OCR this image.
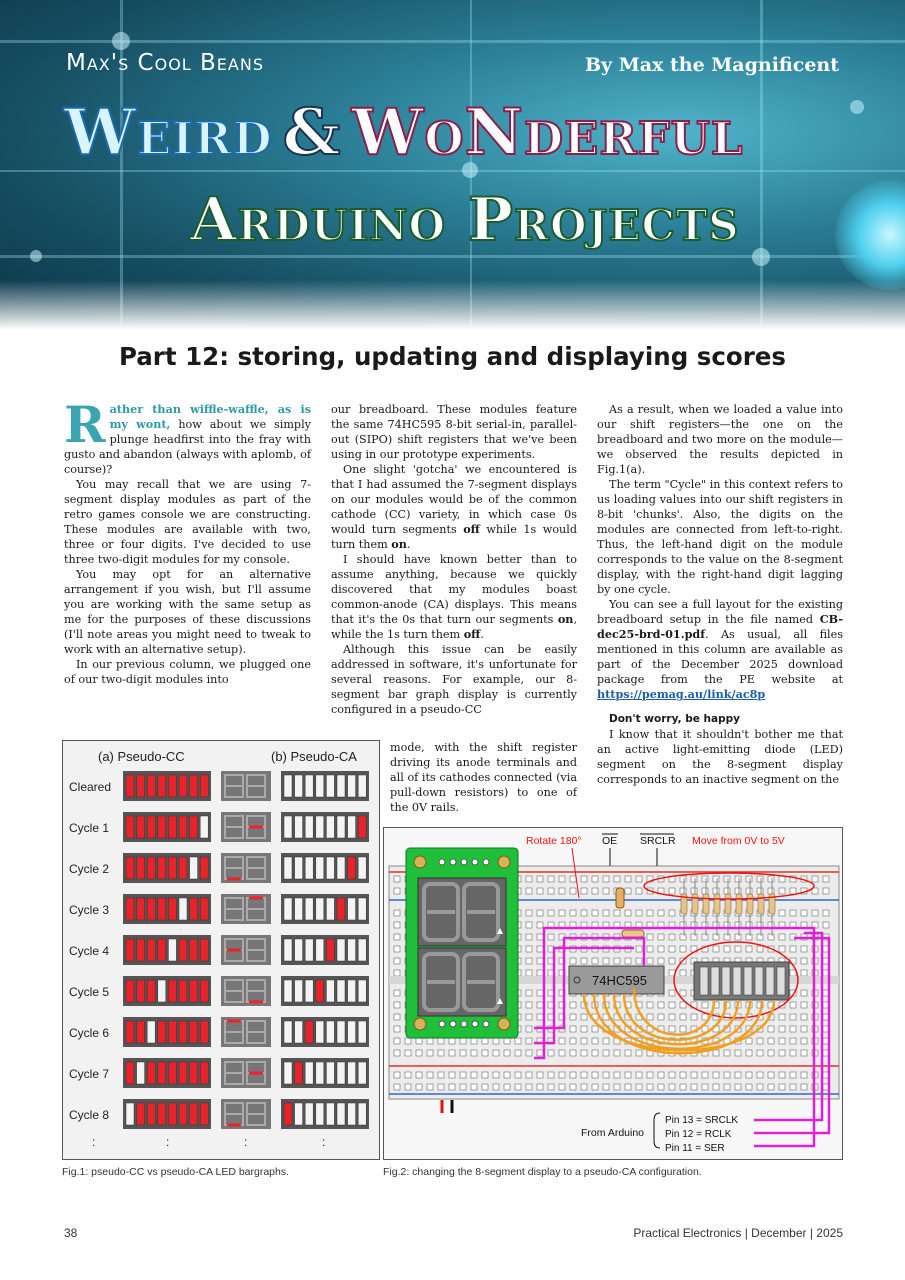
Max's Cool Beans	By Max the Magnificent
Weird & WoNderful
Arduino Projects
Part 12: storing, updating and displaying scores

Rather than wiffle-waffle, as is my wont, how about we simply plunge headfirst into the fray with gusto and abandon (always with aplomb, of course)?

You may recall that we are using 7-segment display modules as part of the retro games console we are constructing. These modules are available with two, three or four digits. I've decided to use three two-digit modules for my console.

You may opt for an alternative arrangement if you wish, but I'll assume you are working with the same setup as me for the purposes of these discussions (I'll note areas you might need to tweak to work with an alternative setup).

In our previous column, we plugged one of our two-digit modules into

our breadboard. These modules feature the same 74HC595 8-bit serial-in, parallel-out (SIPO) shift registers that we've been using in our prototype experiments.

One slight 'gotcha' we encountered is that I had assumed the 7-segment displays on our modules would be of the common cathode (CC) variety, in which case 0s would turn segments off while 1s would turn them on.

I should have known better than to assume anything, because we quickly discovered that my modules boast common-anode (CA) displays. This means that it's the 0s that turn our segments on, while the 1s turn them off.

Although this issue can be easily addressed in software, it's unfortunate for several reasons. For example, our 8-segment bar graph display is currently configured in a pseudo-CC

mode, with the shift register driving its anode terminals and all of its cathodes connected (via pull-down resistors) to one of the 0V rails.

As a result, when we loaded a value into our shift registers—the one on the breadboard and two more on the module—we observed the results depicted in Fig.1(a).

The term "Cycle" in this context refers to us loading values into our shift registers in 8-bit 'chunks'. Also, the digits on the modules are connected from left-to-right. Thus, the left-hand digit on the module corresponds to the value on the 8-segment display, with the right-hand digit lagging by one cycle.

You can see a full layout for the existing breadboard setup in the file named CB-dec25-brd-01.pdf. As usual, all files mentioned in this column are available as part of the December 2025 download package from the PE website at https://pemag.au/link/ac8p

Don't worry, be happy

I know that it shouldn't bother me that an active light-emitting diode (LED) segment on the 8-segment display corresponds to an inactive segment on the

(a) Pseudo-CC	(b) Pseudo-CA
Cleared
Cycle 1
Cycle 2
Cycle 3
Cycle 4
Cycle 5
Cycle 6
Cycle 7
Cycle 8
:	:	:	:
Fig.1: pseudo-CC vs pseudo-CA LED bargraphs.
74HC595
Rotate 180° OE SRCLR Move from 0V to 5V
From Arduino
Pin 13 = SRCLK
Pin 12 = RCLK
Pin 11 = SER
Fig.2: changing the 8-segment display to a pseudo-CA configuration.
38	Practical Electronics | December | 2025
